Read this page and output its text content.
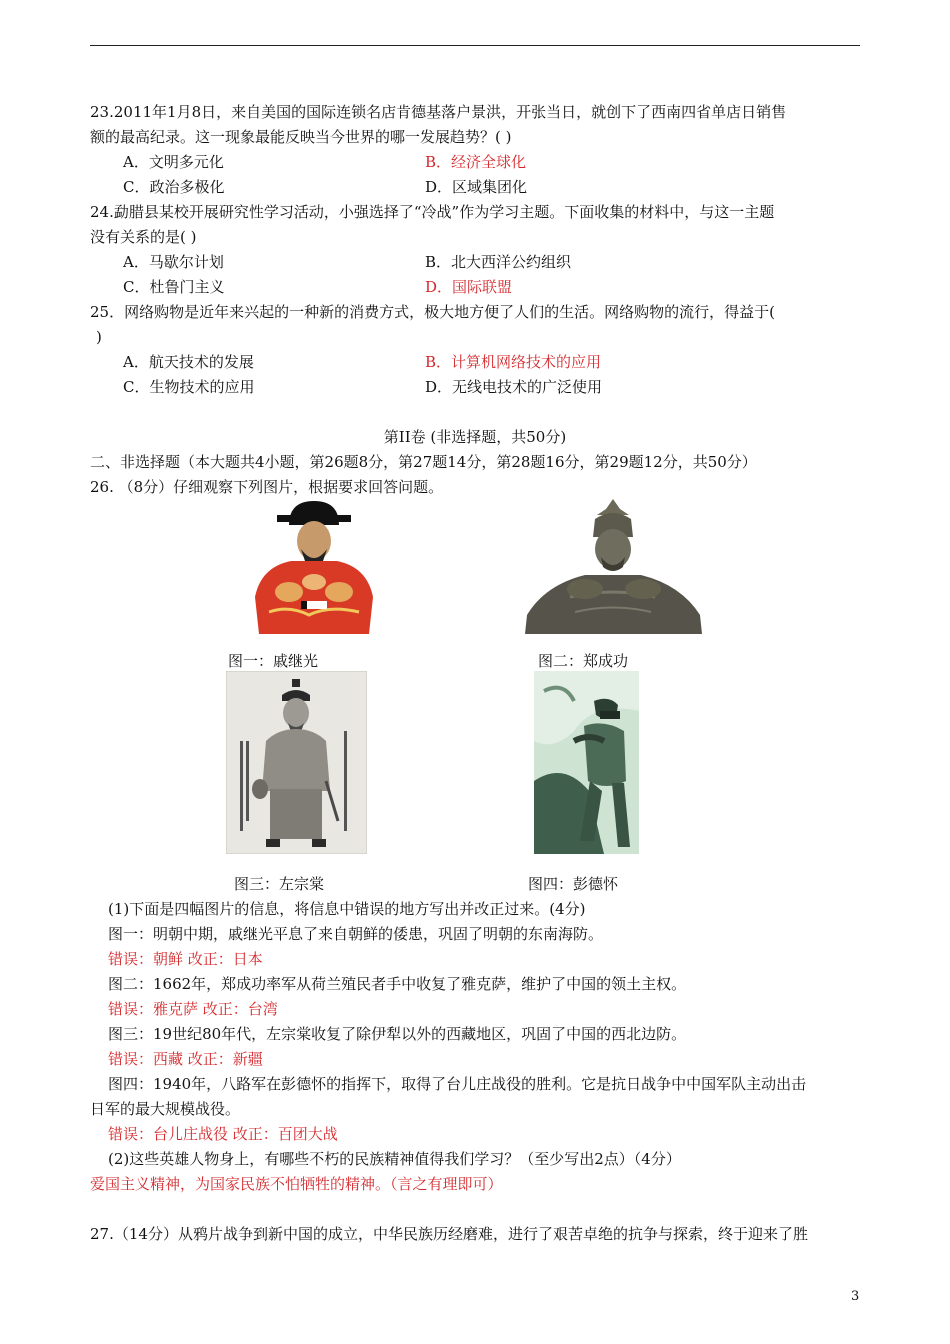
23.2011年1月8日，来自美国的国际连锁名店肯德基落户景洪，开张当日，就创下了西南四省单店日销售
额的最高纪录。这一现象最能反映当今世界的哪一发展趋势？( )
A．文明多元化	B．经济全球化
C．政治多极化	D．区域集团化
24.勐腊县某校开展研究性学习活动，小强选择了“冷战”作为学习主题。下面收集的材料中，与这一主题
没有关系的是( )
A．马歇尔计划	B．北大西洋公约组织
C．杜鲁门主义	D．国际联盟
25．网络购物是近年来兴起的一种新的消费方式，极大地方便了人们的生活。网络购物的流行，得益于(
)
A．航天技术的发展	B．计算机网络技术的应用
C．生物技术的应用	D．无线电技术的广泛使用
第II卷 (非选择题，共50分)
二、非选择题（本大题共4小题，第26题8分，第27题14分，第28题16分，第29题12分，共50分）
26. （8分）仔细观察下列图片，根据要求回答问题。
图一：戚继光	图二：郑成功
图三：左宗棠	图四：彭德怀
(1)下面是四幅图片的信息，将信息中错误的地方写出并改正过来。(4分)
图一：明朝中期，戚继光平息了来自朝鲜的倭患，巩固了明朝的东南海防。
错误：朝鲜 改正：日本
图二：1662年，郑成功率军从荷兰殖民者手中收复了雅克萨，维护了中国的领土主权。
错误：雅克萨 改正：台湾
图三：19世纪80年代，左宗棠收复了除伊犁以外的西藏地区，巩固了中国的西北边防。
错误：西藏 改正：新疆
图四：1940年，八路军在彭德怀的指挥下，取得了台儿庄战役的胜利。它是抗日战争中中国军队主动出击
日军的最大规模战役。
错误：台儿庄战役 改正：百团大战
(2)这些英雄人物身上，有哪些不朽的民族精神值得我们学习？（至少写出2点）（4分）
爱国主义精神，为国家民族不怕牺牲的精神。（言之有理即可）
27.（14分）从鸦片战争到新中国的成立，中华民族历经磨难，进行了艰苦卓绝的抗争与探索，终于迎来了胜
3
